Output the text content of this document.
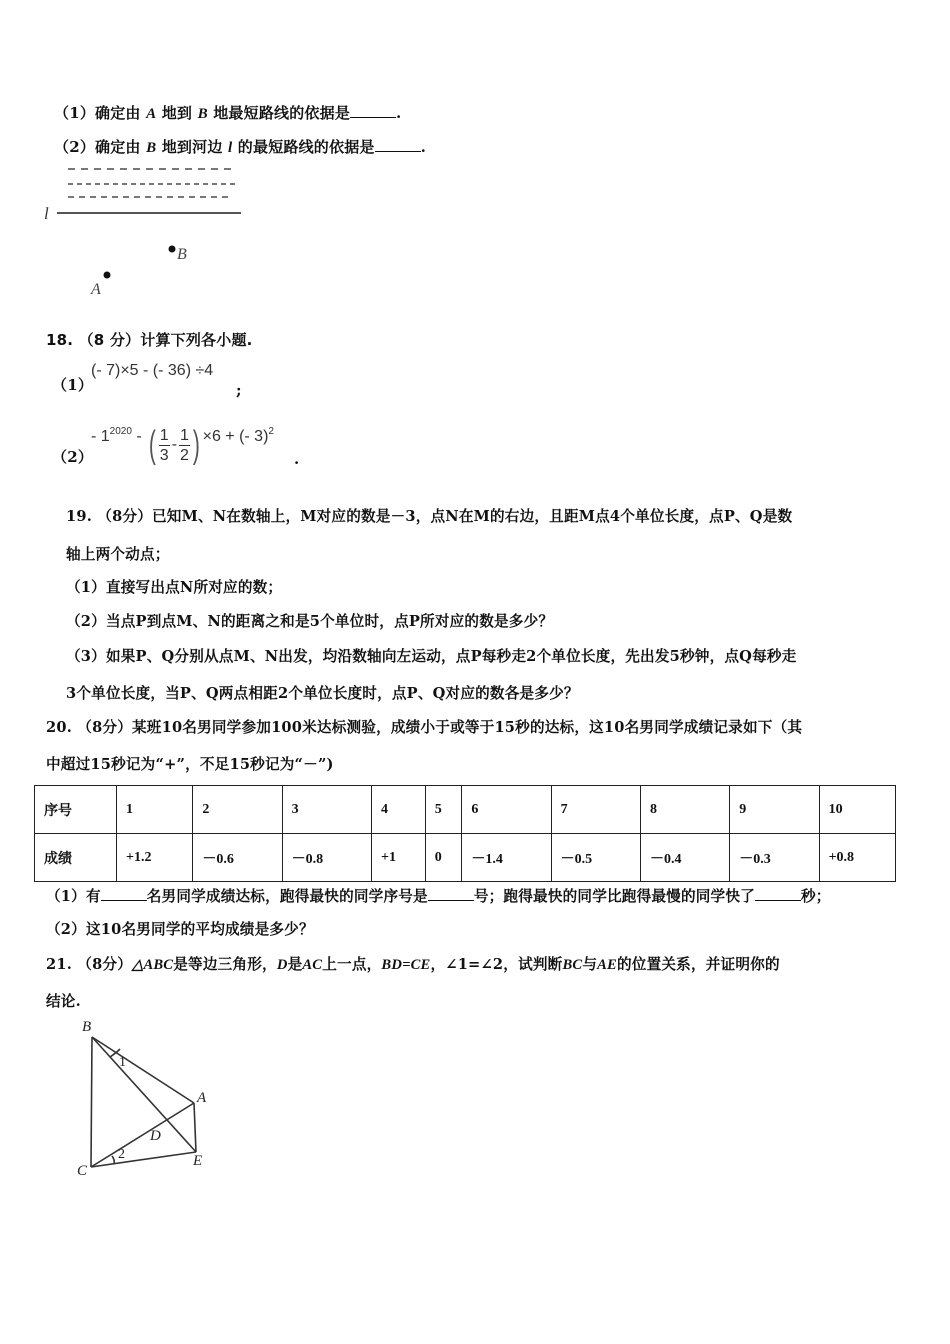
（1）确定由 A 地到 B 地最短路线的依据是	.
（2）确定由 B 地到河边 l 的最短路线的依据是	.
l
B
A
18. （8 分）计算下列各小题.
（1）
(- 7)×5 - (- 36) ÷4
;
（2）
- $1^{2020}$ - ( $\frac{1}{3} - \frac{1}{2}$ ) ×6 + (- 3)$^2$
.
19. （8分）已知M、N在数轴上，M对应的数是－3，点N在M的右边，且距M点4个单位长度，点P、Q是数
轴上两个动点；
（1）直接写出点N所对应的数；
（2）当点P到点M、N的距离之和是5个单位时，点P所对应的数是多少？
（3）如果P、Q分别从点M、N出发，均沿数轴向左运动，点P每秒走2个单位长度，先出发5秒钟，点Q每秒走
3个单位长度，当P、Q两点相距2个单位长度时，点P、Q对应的数各是多少？
20. （8分）某班10名男同学参加100米达标测验，成绩小于或等于15秒的达标，这10名男同学成绩记录如下（其
中超过15秒记为“+”，不足15秒记为“－”)
序号	1	2	3	4	5	6	7	8	9	10
成绩	+1.2	－0.6	－0.8	+1	0	－1.4	－0.5	－0.4	－0.3	+0.8
（1）有	名男同学成绩达标，跑得最快的同学序号是	号；跑得最快的同学比跑得最慢的同学快了	秒；
（2）这10名男同学的平均成绩是多少？
21. （8分）△ABC是等边三角形，D是AC上一点，BD=CE，∠1=∠2，试判断BC与AE的位置关系，并证明你的
结论.
B
A
C
D
E
1
2
